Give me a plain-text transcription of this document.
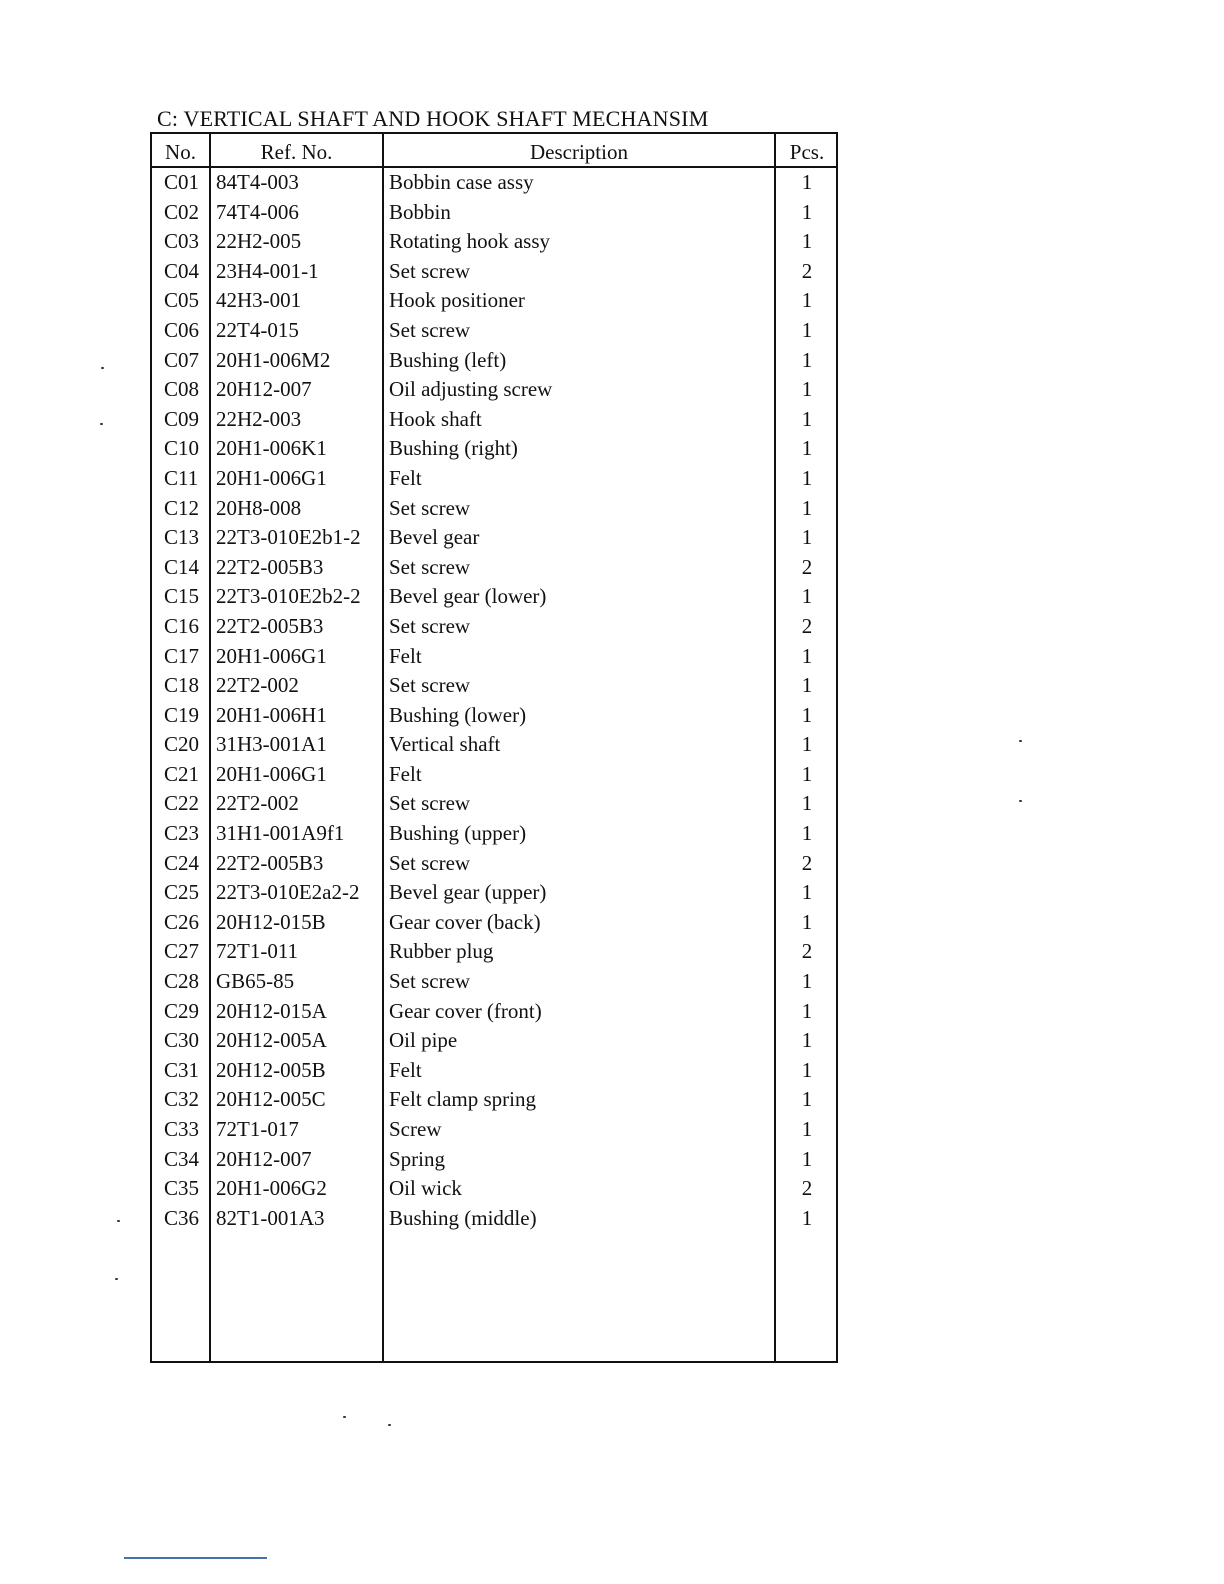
C: VERTICAL SHAFT AND HOOK SHAFT MECHANSIM
No.	Ref. No.	Description	Pcs.
C01 84T4-003	Bobbin case assy	1
C02 74T4-006	Bobbin	1
C03 22H2-005	Rotating hook assy	1
C04 23H4-001-1	Set screw	2
C05 42H3-001	Hook positioner	1
C06 22T4-015	Set screw	1
C07 20H1-006M2	Bushing (left)	1
C08 20H12-007	Oil adjusting screw	1
C09 22H2-003	Hook shaft	1
C10 20H1-006K1	Bushing (right)	1
C11 20H1-006G1	Felt	1
C12 20H8-008	Set screw	1
C13 22T3-010E2b1-2	Bevel gear	1
C14 22T2-005B3	Set screw	2
C15 22T3-010E2b2-2	Bevel gear (lower)	1
C16 22T2-005B3	Set screw	2
C17 20H1-006G1	Felt	1
C18 22T2-002	Set screw	1
C19 20H1-006H1	Bushing (lower)	1
C20 31H3-001A1	Vertical shaft	1
C21 20H1-006G1	Felt	1
C22 22T2-002	Set screw	1
C23 31H1-001A9f1	Bushing (upper)	1
C24 22T2-005B3	Set screw	2
C25 22T3-010E2a2-2	Bevel gear (upper)	1
C26 20H12-015B	Gear cover (back)	1
C27 72T1-011	Rubber plug	2
C28 GB65-85	Set screw	1
C29 20H12-015A	Gear cover (front)	1
C30 20H12-005A	Oil pipe	1
C31 20H12-005B	Felt	1
C32 20H12-005C	Felt clamp spring	1
C33 72T1-017	Screw	1
C34 20H12-007	Spring	1
C35 20H1-006G2	Oil wick	2
C36 82T1-001A3	Bushing (middle)	1
